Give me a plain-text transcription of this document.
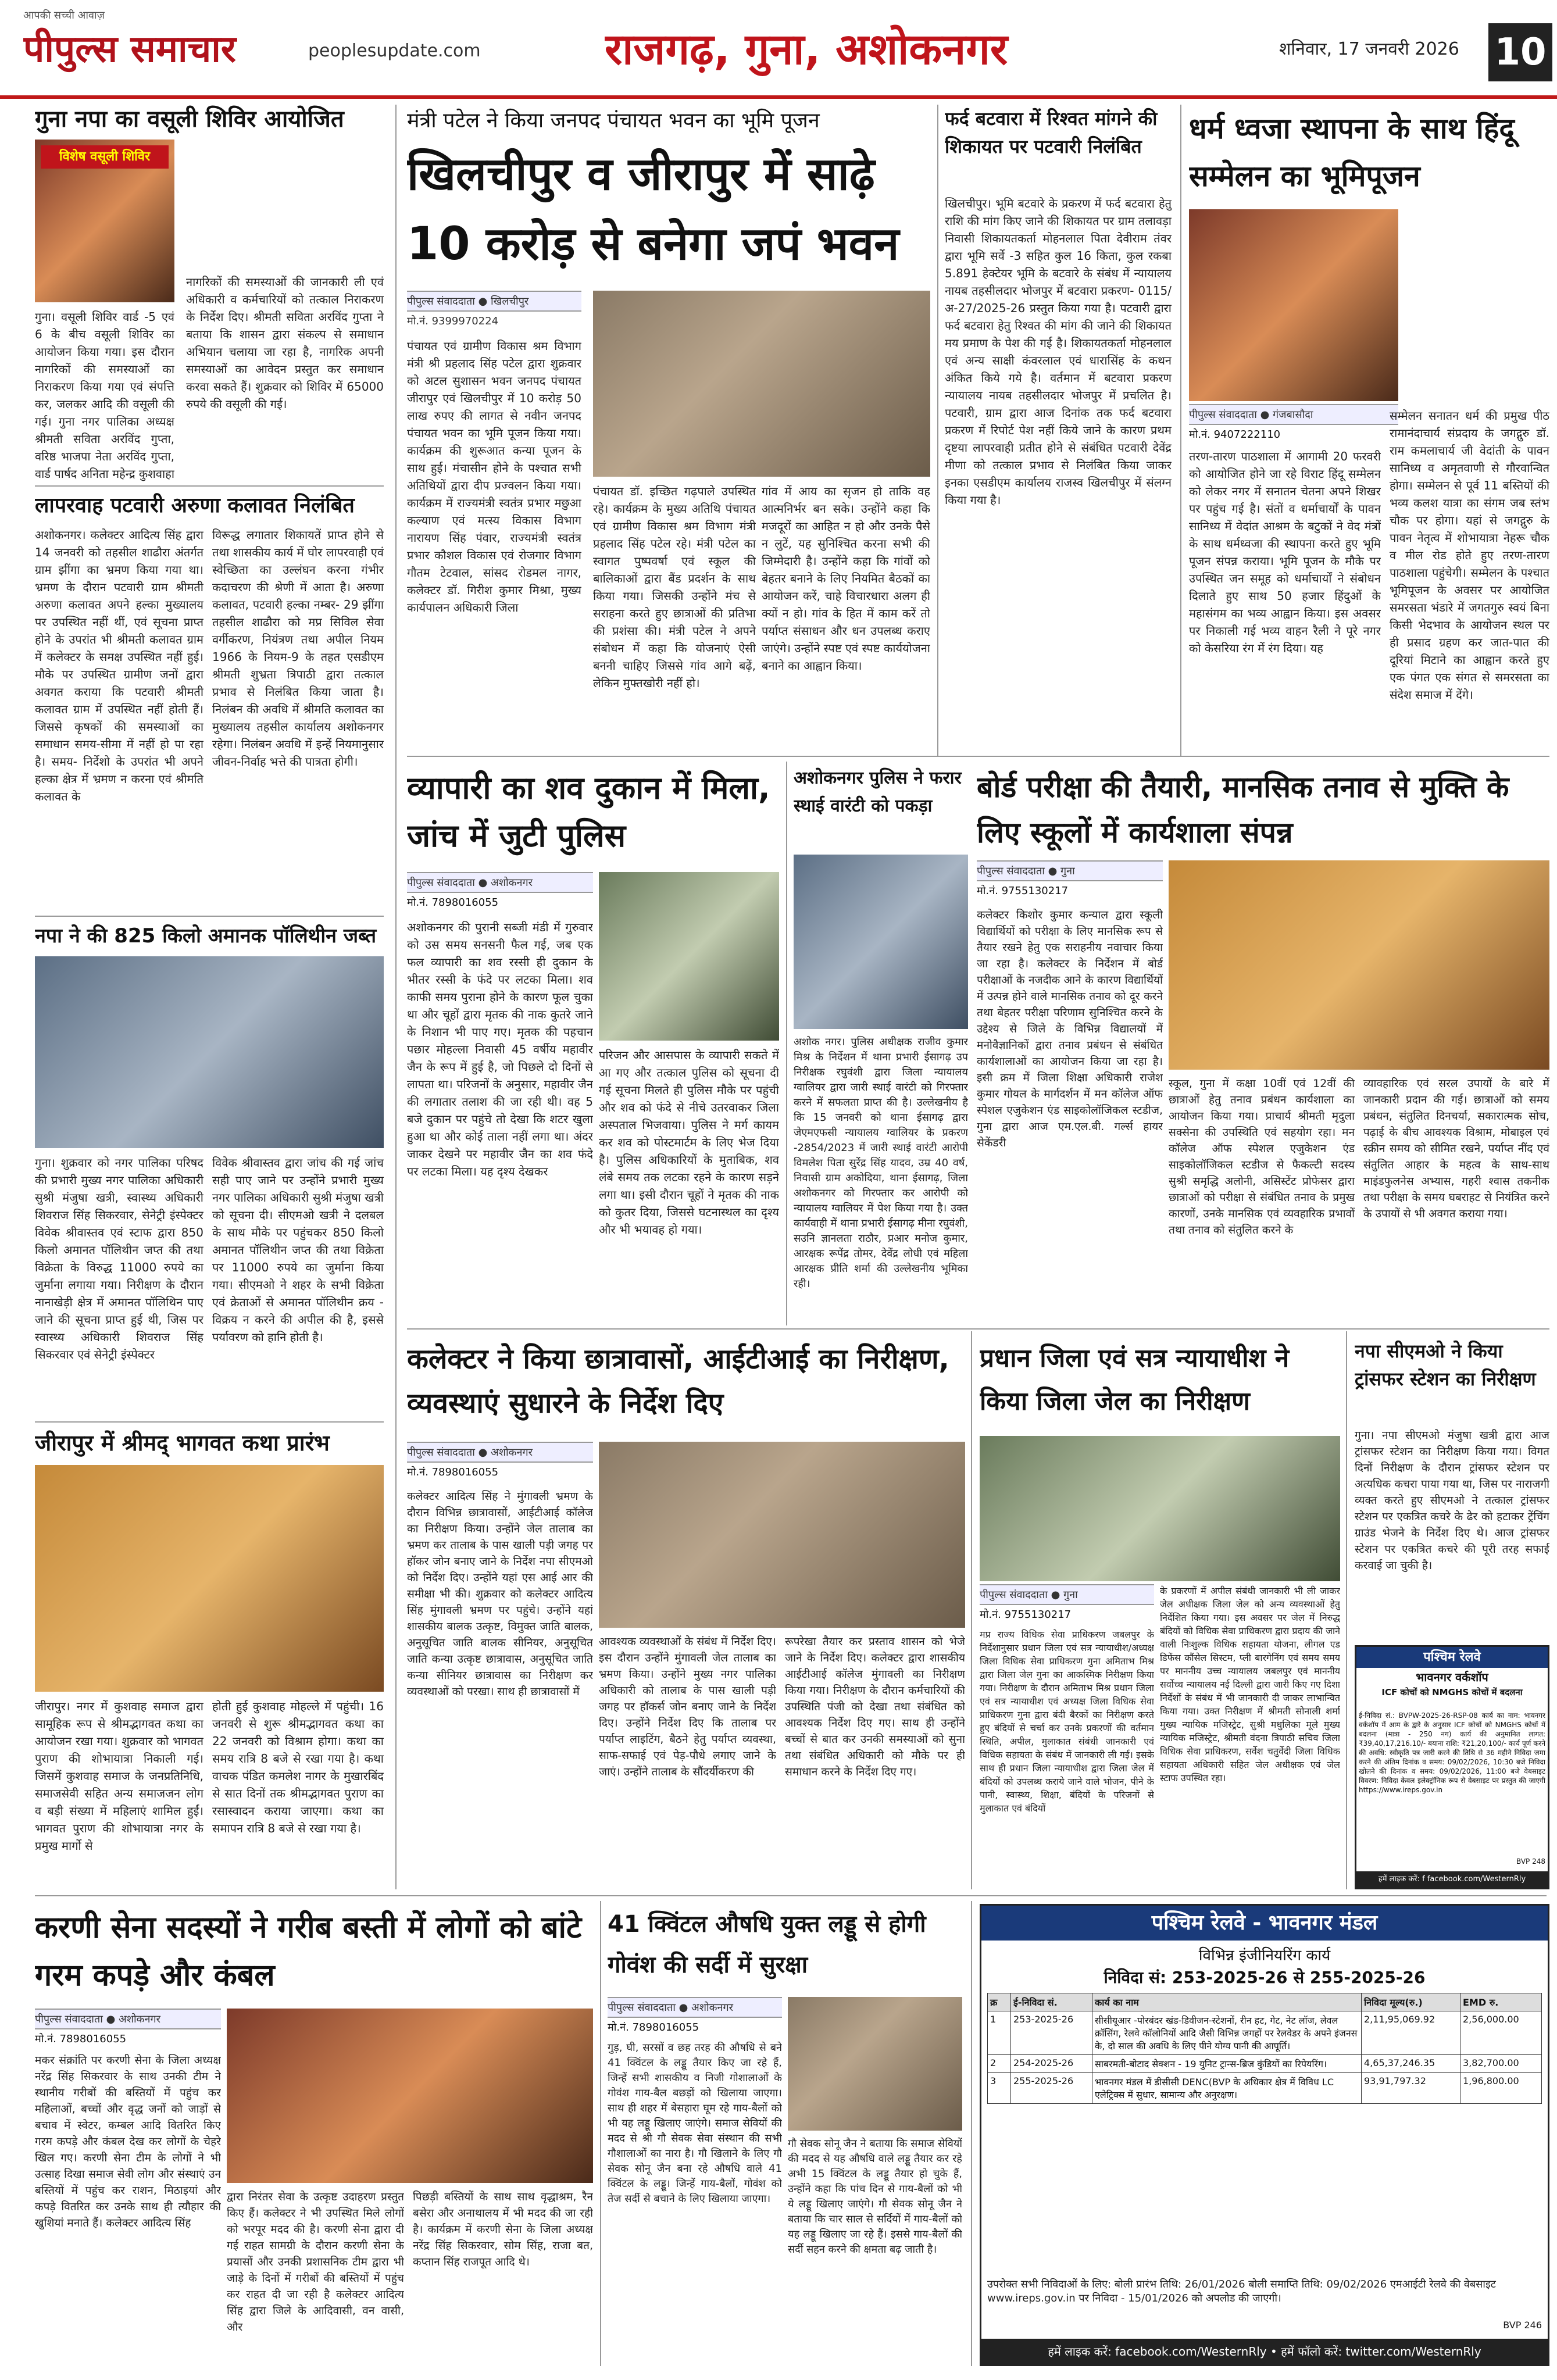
आपकी सच्ची आवाज़
पीपुल्स समाचार	peoplesupdate.com	राजगढ़, गुना, अशोकनगर	शनिवार, 17 जनवरी 2026 10
गुना नपा का वसूली शिविर आयोजित
विशेष वसूली शिविर
गुना। वसूली शिविर वार्ड -5 एवं 6 के बीच वसूली शिविर का आयोजन किया गया। इस दौरान नागरिकों की समस्याओं का निराकरण किया गया एवं संपत्ति कर, जलकर आदि की वसूली की गई। गुना नगर पालिका अध्यक्ष श्रीमती सविता अरविंद गुप्ता, वरिष्ठ भाजपा नेता अरविंद गुप्ता, वार्ड पार्षद अनिता महेन्द्र कुशवाहा
नागरिकों की समस्याओं की जानकारी ली एवं अधिकारी व कर्मचारियों को तत्काल निराकरण के निर्देश दिए। श्रीमती सविता अरविंद गुप्ता ने बताया कि शासन द्वारा संकल्प से समाधान अभियान चलाया जा रहा है, नागरिक अपनी समस्याओं का आवेदन प्रस्तुत कर समाधान करवा सकते हैं। शुक्रवार को शिविर में 65000 रुपये की वसूली की गई।
लापरवाह पटवारी अरुणा कलावत निलंबित
अशोकनगर। कलेक्टर आदित्य सिंह द्वारा 14 जनवरी को तहसील शाढौरा अंतर्गत ग्राम झींगा का भ्रमण किया गया था। भ्रमण के दौरान पटवारी ग्राम श्रीमती अरुणा कलावत अपने हल्का मुख्यालय पर उपस्थित नहीं थीं, एवं सूचना प्राप्त होने के उपरांत भी श्रीमती कलावत ग्राम में कलेक्टर के समक्ष उपस्थित नहीं हुई। मौके पर उपस्थित ग्रामीण जनों द्वारा अवगत कराया कि पटवारी श्रीमती कलावत ग्राम में उपस्थित नहीं होती हैं। जिससे कृषकों की समस्याओं का समाधान समय-सीमा में नहीं हो पा रहा है। समय- निर्देशो के उपरांत भी अपने हल्का क्षेत्र में भ्रमण न करना एवं श्रीमति कलावत के
विरूद्ध लगातार शिकायतें प्राप्त होने से तथा शासकीय कार्य में घोर लापरवाही एवं स्वेच्छिता का उल्लंघन करना गंभीर कदाचरण की श्रेणी में आता है। अरुणा कलावत, पटवारी हल्का नम्बर- 29 झींगा तहसील शाढौरा को मप्र सिविल सेवा वर्गीकरण, नियंत्रण तथा अपील नियम 1966 के नियम-9 के तहत एसडीएम श्रीमती शुभ्रता त्रिपाठी द्वारा तत्काल प्रभाव से निलंबित किया जाता है। निलंबन की अवधि में श्रीमति कलावत का मुख्यालय तहसील कार्यालय अशोकनगर रहेगा। निलंबन अवधि में इन्हें नियमानुसार जीवन-निर्वाह भत्ते की पात्रता होगी।
नपा ने की 825 किलो अमानक पॉलिथीन जब्त
गुना। शुक्रवार को नगर पालिका परिषद की प्रभारी मुख्य नगर पालिका अधिकारी सुश्री मंजुषा खत्री, स्वास्थ्य अधिकारी शिवराज सिंह सिकरवार, सेनेट्री इंस्पेक्टर विवेक श्रीवास्तव एवं स्टाफ द्वारा 850 किलो अमानत पॉलिथीन जप्त की तथा विक्रेता के विरुद्ध 11000 रुपये का जुर्माना लगाया गया। निरीक्षण के दौरान नानाखेड़ी क्षेत्र में अमानत पॉलिथिन पाए जाने की सूचना प्राप्त हुई थी, जिस पर स्वास्थ्य अधिकारी शिवराज सिंह सिकरवार एवं सेनेट्री इंस्पेक्टर
विवेक श्रीवास्तव द्वारा जांच की गई जांच सही पाए जाने पर उन्होंने प्रभारी मुख्य नगर पालिका अधिकारी सुश्री मंजुषा खत्री को सूचना दी। सीएमओ खत्री ने दलबल के साथ मौके पर पहुंचकर 850 किलो अमानत पॉलिथीन जप्त की तथा विक्रेता पर 11000 रुपये का जुर्माना किया गया। सीएमओ ने शहर के सभी विक्रेता एवं क्रेताओं से अमानत पॉलिथीन क्रय - विक्रय न करने की अपील की है, इससे पर्यावरण को हानि होती है।
जीरापुर में श्रीमद् भागवत कथा प्रारंभ
जीरापुर। नगर में कुशवाह समाज द्वारा सामूहिक रूप से श्रीमद्भागवत कथा का आयोजन रखा गया। शुक्रवार को भागवत पुराण की शोभायात्रा निकाली गई। जिसमें कुशवाह समाज के जनप्रतिनिधि, समाजसेवी सहित अन्य समाजजन लोग व बड़ी संख्या में महिलाएं शामिल हुईं। भागवत पुराण की शोभायात्रा नगर के प्रमुख मार्गो से
होती हुई कुशवाह मोहल्ले में पहुंची। 16 जनवरी से शुरू श्रीमद्भागवत कथा का 22 जनवरी को विश्राम होगा। कथा का समय रात्रि 8 बजे से रखा गया है। कथा वाचक पंडित कमलेश नागर के मुखारबिंद से सात दिनों तक श्रीमद्भागवत पुराण का रसास्वादन कराया जाएगा। कथा का समापन रात्रि 8 बजे से रखा गया है।
मंत्री पटेल ने किया जनपद पंचायत भवन का भूमि पूजन
खिलचीपुर व जीरापुर में साढ़े 10 करोड़ से बनेगा जपं भवन
पीपुल्स संवाददाता ● खिलचीपुर
मो.नं. 9399970224
पंचायत एवं ग्रामीण विकास श्रम विभाग मंत्री श्री प्रहलाद सिंह पटेल द्वारा शुक्रवार को अटल सुशासन भवन जनपद पंचायत जीरापुर एवं खिलचीपुर में 10 करोड़ 50 लाख रुपए की लागत से नवीन जनपद पंचायत भवन का भूमि पूजन किया गया। कार्यक्रम की शुरूआत कन्या पूजन के साथ हुई। मंचासीन होने के पश्चात सभी अतिथियों द्वारा दीप प्रज्वलन किया गया। कार्यक्रम में राज्यमंत्री स्वतंत्र प्रभार मछुआ कल्याण एवं मत्स्य विकास विभाग नारायण सिंह पंवार, राज्यमंत्री स्वतंत्र प्रभार कौशल विकास एवं रोजगार विभाग गौतम टेटवाल, सांसद रोडमल नागर, कलेक्टर डॉ. गिरीश कुमार मिश्रा, मुख्य कार्यपालन अधिकारी जिला
पंचायत डॉ. इच्छित गढ़पाले उपस्थित रहे। कार्यक्रम के मुख्य अतिथि पंचायत एवं ग्रामीण विकास श्रम विभाग मंत्री प्रहलाद सिंह पटेल रहे। मंत्री पटेल का स्वागत पुष्पवर्षा एवं स्कूल की बालिकाओं द्वारा बैंड प्रदर्शन के साथ किया गया। जिसकी उन्होंने मंच से सराहना करते हुए छात्राओं की प्रतिभा की प्रशंसा की। मंत्री पटेल ने अपने संबोधन में कहा कि योजनाएं ऐसी बननी चाहिए जिससे गांव आगे बढ़ें, लेकिन मुफ्तखोरी नहीं हो।
गांव में आय का सृजन हो ताकि वह आत्मनिर्भर बन सके। उन्होंने कहा कि मजदूरों का आहित न हो और उनके पैसे न लुटें, यह सुनिश्चित करना सभी की जिम्मेदारी है। उन्होंने कहा कि गांवों को बेहतर बनाने के लिए नियमित बैठकों का आयोजन करें, चाहे विचारधारा अलग ही क्यों न हो। गांव के हित में काम करें तो पर्याप्त संसाधन और धन उपलब्ध कराए जाएंगे। उन्होंने स्पष्ट एवं स्पष्ट कार्ययोजना बनाने का आह्वान किया।
व्यापारी का शव दुकान में मिला, जांच में जुटी पुलिस
पीपुल्स संवाददाता ● अशोकनगर
मो.नं. 7898016055
अशोकनगर की पुरानी सब्जी मंडी में गुरुवार को उस समय सनसनी फैल गई, जब एक फल व्यापारी का शव रस्सी ही दुकान के भीतर रस्सी के फंदे पर लटका मिला। शव काफी समय पुराना होने के कारण फूल चुका था और चूहों द्वारा मृतक की नाक कुतरे जाने के निशान भी पाए गए। मृतक की पहचान पछार मोहल्ला निवासी 45 वर्षीय महावीर जैन के रूप में हुई है, जो पिछले दो दिनों से लापता था। परिजनों के अनुसार, महावीर जैन की लगातार तलाश की जा रही थी। वह 5 बजे दुकान पर पहुंचे तो देखा कि शटर खुला हुआ था और कोई ताला नहीं लगा था। अंदर जाकर देखने पर महावीर जैन का शव फंदे पर लटका मिला। यह दृश्य देखकर
परिजन और आसपास के व्यापारी सकते में आ गए और तत्काल पुलिस को सूचना दी गई सूचना मिलते ही पुलिस मौके पर पहुंची और शव को फंदे से नीचे उतरवाकर जिला अस्पताल भिजवाया। पुलिस ने मर्ग कायम कर शव को पोस्टमार्टम के लिए भेज दिया है। पुलिस अधिकारियों के मुताबिक, शव लंबे समय तक लटका रहने के कारण सड़ने लगा था। इसी दौरान चूहों ने मृतक की नाक को कुतर दिया, जिससे घटनास्थल का दृश्य और भी भयावह हो गया।
अशोकनगर पुलिस ने फरार स्थाई वारंटी को पकड़ा
अशोक नगर। पुलिस अधीक्षक राजीव कुमार मिश्र के निर्देशन में थाना प्रभारी ईसागढ़ उप निरीक्षक रघुवंशी द्वारा जिला न्यायालय ग्वालियर द्वारा जारी स्थाई वारंटी को गिरफ्तार करने में सफलता प्राप्त की है। उल्लेखनीय है कि 15 जनवरी को थाना ईसागढ़ द्वारा जेएमएफसी न्यायालय ग्वालियर के प्रकरण -2854/2023 में जारी स्थाई वारंटी आरोपी विमलेश पिता सुरेंद्र सिंह यादव, उम्र 40 वर्ष, निवासी ग्राम अकोदिया, थाना ईसागढ़, जिला अशोकनगर को गिरफ्तार कर आरोपी को न्यायालय ग्वालियर में पेश किया गया है। उक्त कार्यवाही में थाना प्रभारी ईसागढ़ मीना रघुवंशी, सउनि ज्ञानलता राठौर, प्रआर मनोज कुमार, आरक्षक रूपेंद्र तोमर, देवेंद्र लोधी एवं महिला आरक्षक प्रीति शर्मा की उल्लेखनीय भूमिका रही।
फर्द बटवारा में रिश्वत मांगने की शिकायत पर पटवारी निलंबित
खिलचीपुर। भूमि बटवारे के प्रकरण में फर्द बटवारा हेतु राशि की मांग किए जाने की शिकायत पर ग्राम तलावड़ा निवासी शिकायतकर्ता मोहनलाल पिता देवीराम तंवर द्वारा भूमि सर्वे -3 सहित कुल 16 किता, कुल रकबा 5.891 हेक्टेयर भूमि के बटवारे के संबंध में न्यायालय नायब तहसीलदार भोजपुर में बटवारा प्रकरण- 0115/अ-27/2025-26 प्रस्तुत किया गया है। पटवारी द्वारा फर्द बटवारा हेतु रिश्वत की मांग की जाने की शिकायत मय प्रमाण के पेश की गई है। शिकायतकर्ता मोहनलाल एवं अन्य साक्षी कंवरलाल एवं धारासिंह के कथन अंकित किये गये है। वर्तमान में बटवारा प्रकरण न्यायालय नायब तहसीलदार भोजपुर में प्रचलित है। पटवारी, ग्राम द्वारा आज दिनांक तक फर्द बटवारा प्रकरण में रिपोर्ट पेश नहीं किये जाने के कारण प्रथम दृष्टया लापरवाही प्रतीत होने से संबंधित पटवारी देवेंद्र मीणा को तत्काल प्रभाव से निलंबित किया जाकर इनका एसडीएम कार्यालय राजस्व खिलचीपुर में संलग्न किया गया है।
धर्म ध्वजा स्थापना के साथ हिंदू सम्मेलन का भूमिपूजन
पीपुल्स संवाददाता ● गंजबासौदा
मो.नं. 9407222110
तरण-तारण पाठशाला में आगामी 20 फरवरी को आयोजित होने जा रहे विराट हिंदू सम्मेलन को लेकर नगर में सनातन चेतना अपने शिखर पर पहुंच गई है। संतों व धर्माचार्यों के पावन सानिध्य में वेदांत आश्रम के बटुकों ने वेद मंत्रों के साथ धर्मध्वजा की स्थापना करते हुए भूमि पूजन संपन्न कराया। भूमि पूजन के मौके पर उपस्थित जन समूह को धर्माचार्यों ने संबोधन दिलाते हुए साथ 50 हजार हिंदुओं के महासंगम का भव्य आह्वान किया। इस अवसर पर निकाली गई भव्य वाहन रैली ने पूरे नगर को केसरिया रंग में रंग दिया। यह
सम्मेलन सनातन धर्म की प्रमुख पीठ रामानंदाचार्य संप्रदाय के जगद्गुरु डॉ. राम कमलाचार्य जी वेदांती के पावन सानिध्य व अमृतवाणी से गौरवान्वित होगा। सम्मेलन से पूर्व 11 बस्तियों की भव्य कलश यात्रा का संगम जब स्तंभ चौक पर होगा। यहां से जगद्गुरु के पावन नेतृत्व में शोभायात्रा नेहरू चौक व मील रोड होते हुए तरण-तारण पाठशाला पहुंचेगी। सम्मेलन के पश्चात भूमिपूजन के अवसर पर आयोजित समरसता भंडारे में जगतगुरु स्वयं बिना किसी भेदभाव के आयोजन स्थल पर ही प्रसाद ग्रहण कर जात-पात की दूरियां मिटाने का आह्वान करते हुए एक पंगत एक संगत से समरसता का संदेश समाज में देंगे।
बोर्ड परीक्षा की तैयारी, मानसिक तनाव से मुक्ति के लिए स्कूलों में कार्यशाला संपन्न
पीपुल्स संवाददाता ● गुना
मो.नं. 9755130217
कलेक्टर किशोर कुमार कन्याल द्वारा स्कूली विद्यार्थियों को परीक्षा के लिए मानसिक रूप से तैयार रखने हेतु एक सराहनीय नवाचार किया जा रहा है। कलेक्टर के निर्देशन में बोर्ड परीक्षाओं के नजदीक आने के कारण विद्यार्थियों में उत्पन्न होने वाले मानसिक तनाव को दूर करने तथा बेहतर परीक्षा परिणाम सुनिश्चित करने के उद्देश्य से जिले के विभिन्न विद्यालयों में मनोवैज्ञानिकों द्वारा तनाव प्रबंधन से संबंधित कार्यशालाओं का आयोजन किया जा रहा है। इसी क्रम में जिला शिक्षा अधिकारी राजेश कुमार गोयल के मार्गदर्शन में मन कॉलेज ऑफ स्पेशल एजुकेशन एंड साइकोलॉजिकल स्टडीज, गुना द्वारा आज एम.एल.बी. गर्ल्स हायर सेकेंडरी
स्कूल, गुना में कक्षा 10वीं एवं 12वीं की छात्राओं हेतु तनाव प्रबंधन कार्यशाला का आयोजन किया गया। प्राचार्य श्रीमती मृदुला सक्सेना की उपस्थिति एवं सहयोग रहा। मन कॉलेज ऑफ स्पेशल एजुकेशन एंड साइकोलॉजिकल स्टडीज से फैकल्टी सदस्य सुश्री समृद्धि अलोनी, असिस्टेंट प्रोफेसर द्वारा छात्राओं को परीक्षा से संबंधित तनाव के प्रमुख कारणों, उनके मानसिक एवं व्यवहारिक प्रभावों तथा तनाव को संतुलित करने के
व्यावहारिक एवं सरल उपायों के बारे में जानकारी प्रदान की गई। छात्राओं को समय प्रबंधन, संतुलित दिनचर्या, सकारात्मक सोच, पढ़ाई के बीच आवश्यक विश्राम, मोबाइल एवं स्क्रीन समय को सीमित रखने, पर्याप्त नींद एवं संतुलित आहार के महत्व के साथ-साथ माइंडफुलनेस अभ्यास, गहरी श्वास तकनीक तथा परीक्षा के समय घबराहट से नियंत्रित करने के उपायों से भी अवगत कराया गया।
कलेक्टर ने किया छात्रावासों, आईटीआई का निरीक्षण, व्यवस्थाएं सुधारने के निर्देश दिए
पीपुल्स संवाददाता ● अशोकनगर
मो.नं. 7898016055
कलेक्टर आदित्य सिंह ने मुंगावली भ्रमण के दौरान विभिन्न छात्रावासों, आईटीआई कॉलेज का निरीक्षण किया। उन्होंने जेल तालाब का भ्रमण कर तालाब के पास खाली पड़ी जगह पर हॉकर जोन बनाए जाने के निर्देश नपा सीएमओ को निर्देश दिए। उन्होंने यहां एस आई आर की समीक्षा भी की। शुक्रवार को कलेक्टर आदित्य सिंह मुंगावली भ्रमण पर पहुंचे। उन्होंने यहां शासकीय बालक उत्कृष्ट, विमुक्त जाति बालक, अनुसूचित जाति बालक सीनियर, अनुसूचित जाति कन्या उत्कृष्ट छात्रावास, अनुसूचित जाति कन्या सीनियर छात्रावास का निरीक्षण कर व्यवस्थाओं को परखा। साथ ही छात्रावासों में
आवश्यक व्यवस्थाओं के संबंध में निर्देश दिए। इस दौरान उन्होंने मुंगावली जेल तालाब का भ्रमण किया। उन्होंने मुख्य नगर पालिका अधिकारी को तालाब के पास खाली पड़ी जगह पर हॉकर्स जोन बनाए जाने के निर्देश दिए। उन्होंने निर्देश दिए कि तालाब पर पर्याप्त लाइटिंग, बैठने हेतु पर्याप्त व्यवस्था, साफ-सफाई एवं पेड़-पौधे लगाए जाने के जाएं। उन्होंने तालाब के सौंदर्यीकरण की
रूपरेखा तैयार कर प्रस्ताव शासन को भेजे जाने के निर्देश दिए। कलेक्टर द्वारा शासकीय आईटीआई कॉलेज मुंगावली का निरीक्षण किया गया। निरीक्षण के दौरान कर्मचारियों की उपस्थिति पंजी को देखा तथा संबंधित को आवश्यक निर्देश दिए गए। साथ ही उन्होंने बच्चों से बात कर उनकी समस्याओं को सुना तथा संबंधित अधिकारी को मौके पर ही समाधान करने के निर्देश दिए गए।
प्रधान जिला एवं सत्र न्यायाधीश ने किया जिला जेल का निरीक्षण
पीपुल्स संवाददाता ● गुना
मो.नं. 9755130217
मप्र राज्य विधिक सेवा प्राधिकरण जबलपुर के निर्देशानुसार प्रधान जिला एवं सत्र न्यायाधीश/अध्यक्ष जिला विधिक सेवा प्राधिकरण गुना अमिताभ मिश्र द्वारा जिला जेल गुना का आकस्मिक निरीक्षण किया गया। निरीक्षण के दौरान अमिताभ मिश्र प्रधान जिला एवं सत्र न्यायाधीश एवं अध्यक्ष जिला विधिक सेवा प्राधिकरण गुना द्वारा बंदी बैरकों का निरीक्षण करते हुए बंदियों से चर्चा कर उनके प्रकरणों की वर्तमान स्थिति, अपील, मुलाकात संबंधी जानकारी एवं विधिक सहायता के संबंध में जानकारी ली गई। इसके साथ ही प्रधान जिला न्यायाधीश द्वारा जिला जेल में बंदियों को उपलब्ध कराये जाने वाले भोजन, पीने के पानी, स्वास्थ्य, शिक्षा, बंदियों के परिजनों से मुलाकात एवं बंदियों
के प्रकरणों में अपील संबंधी जानकारी भी ली जाकर जेल अधीक्षक जिला जेल को अन्य व्यवस्थाओं हेतु निर्देशित किया गया। इस अवसर पर जेल में निरुद्ध बंदियों को विधिक सेवा प्राधिकरण द्वारा प्रदाय की जाने वाली निःशुल्क विधिक सहायता योजना, लीगल एड डिफेंस कौंसेल सिस्टम, प्ली बारगेनिंग एवं समय समय पर माननीय उच्च न्यायालय जबलपुर एवं माननीय सर्वोच्च न्यायालय नई दिल्ली द्वारा जारी किए गए दिशा निर्देशों के संबंध में भी जानकारी दी जाकर लाभान्वित किया गया। उक्त निरीक्षण में श्रीमती सोनाली शर्मा मुख्य न्यायिक मजिस्ट्रेट, सुश्री मधुलिका मूले मुख्य न्यायिक मजिस्ट्रेट, श्रीमती वंदना त्रिपाठी सचिव जिला विधिक सेवा प्राधिकरण, सर्वेश चतुर्वेदी जिला विधिक सहायता अधिकारी सहित जेल अधीक्षक एवं जेल स्टाफ उपस्थित रहा।
नपा सीएमओ ने किया ट्रांसफर स्टेशन का निरीक्षण
गुना। नपा सीएमओ मंजुषा खत्री द्वारा आज ट्रांसफर स्टेशन का निरीक्षण किया गया। विगत दिनों निरीक्षण के दौरान ट्रांसफर स्टेशन पर अत्यधिक कचरा पाया गया था, जिस पर नाराजगी व्यक्त करते हुए सीएमओ ने तत्काल ट्रांसफर स्टेशन पर एकत्रित कचरे के ढेर को हटाकर ट्रेंचिंग ग्राउंड भेजने के निर्देश दिए थे। आज ट्रांसफर स्टेशन पर एकत्रित कचरे की पूरी तरह सफाई करवाई जा चुकी है।
पश्चिम रेलवे
भावनगर वर्कशॉप
ICF कोचों को NMGHS कोचों में बदलना
ई-निविदा सं.: BVPW-2025-26-RSP-08 कार्य का नाम: भावनगर वर्कशॉप में आम के द्वारे के अनुसार ICF कोचों को NMGHS कोचों में बदलना (मात्रा - 250 नग) कार्य की अनुमानित लागत: ₹39,40,17,216.10/- बयाना राशि: ₹21,20,100/- कार्य पूर्ण करने की अवधि: स्वीकृति पत्र जारी करने की तिथि से 36 महीने निविदा जमा करने की अंतिम दिनांक व समय: 09/02/2026, 10:30 बजे निविदा खोलने की दिनांक व समय: 09/02/2026, 11:00 बजे वेबसाइट विवरण: निविदा केवल इलेक्ट्रॉनिक रूप से वेबसाइट पर प्रस्तुत की जाएगी https://www.ireps.gov.in
BVP 248
हमें लाइक करें: f facebook.com/WesternRly
करणी सेना सदस्यों ने गरीब बस्ती में लोगों को बांटे गरम कपड़े और कंबल
पीपुल्स संवाददाता ● अशोकनगर
मो.नं. 7898016055
मकर संक्रांति पर करणी सेना के जिला अध्यक्ष नरेंद्र सिंह सिकरवार के साथ उनकी टीम ने स्थानीय गरीबों की बस्तियों में पहुंच कर महिलाओं, बच्चों और वृद्ध जनों को जाड़ों से बचाव में स्वेटर, कम्बल आदि वितरित किए गरम कपड़े और कंबल देख कर लोगों के चेहरे खिल गए। करणी सेना टीम के लोगों ने भी उत्साह दिखा समाज सेवी लोग और संस्थाएं उन बस्तियों में पहुंच कर राशन, मिठाइयां और कपड़े वितरित कर उनके साथ ही त्यौहार की खुशियां मनाते हैं। कलेक्टर आदित्य सिंह
द्वारा निरंतर सेवा के उत्कृष्ट उदाहरण प्रस्तुत किए हैं। कलेक्टर ने भी उपस्थित मिले लोगों को भरपूर मदद की है। करणी सेना द्वारा दी गई राहत सामग्री के दौरान करणी सेना के प्रयासों और उनकी प्रशासनिक टीम द्वारा भी जाड़े के दिनों में गरीबों की बस्तियों में पहुंच कर राहत दी जा रही है कलेक्टर आदित्य सिंह द्वारा जिले के आदिवासी, वन वासी, और
पिछड़ी बस्तियों के साथ साथ वृद्धाश्रम, रैन बसेरा और अनाथालय में भी मदद की जा रही है। कार्यक्रम में करणी सेना के जिला अध्यक्ष नरेंद्र सिंह सिकरवार, सोम सिंह, राजा बत, कप्तान सिंह राजपूत आदि थे।
41 क्विंटल औषधि युक्त लड्डू से होगी गोवंश की सर्दी में सुरक्षा
पीपुल्स संवाददाता ● अशोकनगर
मो.नं. 7898016055
गुड़, घी, सरसों व छह तरह की औषधि से बने 41 क्विंटल के लड्डू तैयार किए जा रहे हैं, जिन्हें सभी शासकीय व निजी गोशालाओं के गोवंश गाय-बैल बछड़ों को खिलाया जाएगा। साथ ही शहर में बेसहारा घूम रहे गाय-बैलों को भी यह लड्डू खिलाए जाएंगे। समाज सेवियों की मदद से श्री गौ सेवक सेवा संस्थान की सभी गौशालाओं का नारा है। गौ खिलाने के लिए गौ सेवक सोनू जैन बना रहे औषधि वाले 41 क्विंटल के लड्डू। जिन्हें गाय-बैलों, गोवंश को तेज सर्दी से बचाने के लिए खिलाया जाएगा।
गौ सेवक सोनू जैन ने बताया कि समाज सेवियों की मदद से यह औषधि वाले लड्डू तैयार कर रहे अभी 15 क्विंटल के लड्डू तैयार हो चुके हैं, उन्होंने कहा कि पांच दिन से गाय-बैलों को भी ये लड्डू खिलाए जाएंगे। गौ सेवक सोनू जैन ने बताया कि चार साल से सर्दियों में गाय-बैलों को यह लड्डू खिलाए जा रहे हैं। इससे गाय-बैलों की सर्दी सहन करने की क्षमता बढ़ जाती है।
पश्चिम रेलवे - भावनगर मंडल
विभिन्न इंजीनियरिंग कार्य
निविदा सं: 253-2025-26 से 255-2025-26
क्र	ई-निविदा सं.	कार्य का नाम	निविदा मूल्य(रु.)	EMD रु.
1	253-2025-26	सीसीयूआर -पोरबंदर खंड-डिवीजन-स्टेशनों, रीन हट, गेट, नेट लॉज, लेवल क्रॉसिंग, रेलवे कॉलोनियों आदि जैसी विभिन्न जगहों पर रेलवेडर के अपने इंजनस के, दो साल की अवधि के लिए पीने योग्य पानी की आपूर्ति।	2,11,95,069.92	2,56,000.00
2	254-2025-26	साबरमती-बोटाद सेक्शन - 19 युनिट ट्रान्स-ब्रिज कुंडियों का रिपेयरिंग।	4,65,37,246.35	3,82,700.00
3	255-2025-26	भावनगर मंडल में डीसीसी DENC(BVP के अधिकार क्षेत्र में विविध LC एलेट्रिक्स में सुधार, सामान्य और अनुरक्षण।	93,91,797.32	1,96,800.00
उपरोक्त सभी निविदाओं के लिए: बोली प्रारंभ तिथि: 26/01/2026 बोली समाप्ति तिथि: 09/02/2026 एमआईटी रेलवे की वेबसाइट www.ireps.gov.in पर निविदा - 15/01/2026 को अपलोड की जाएगी।
BVP 246
हमें लाइक करें: facebook.com/WesternRly • हमें फॉलो करें: twitter.com/WesternRly
